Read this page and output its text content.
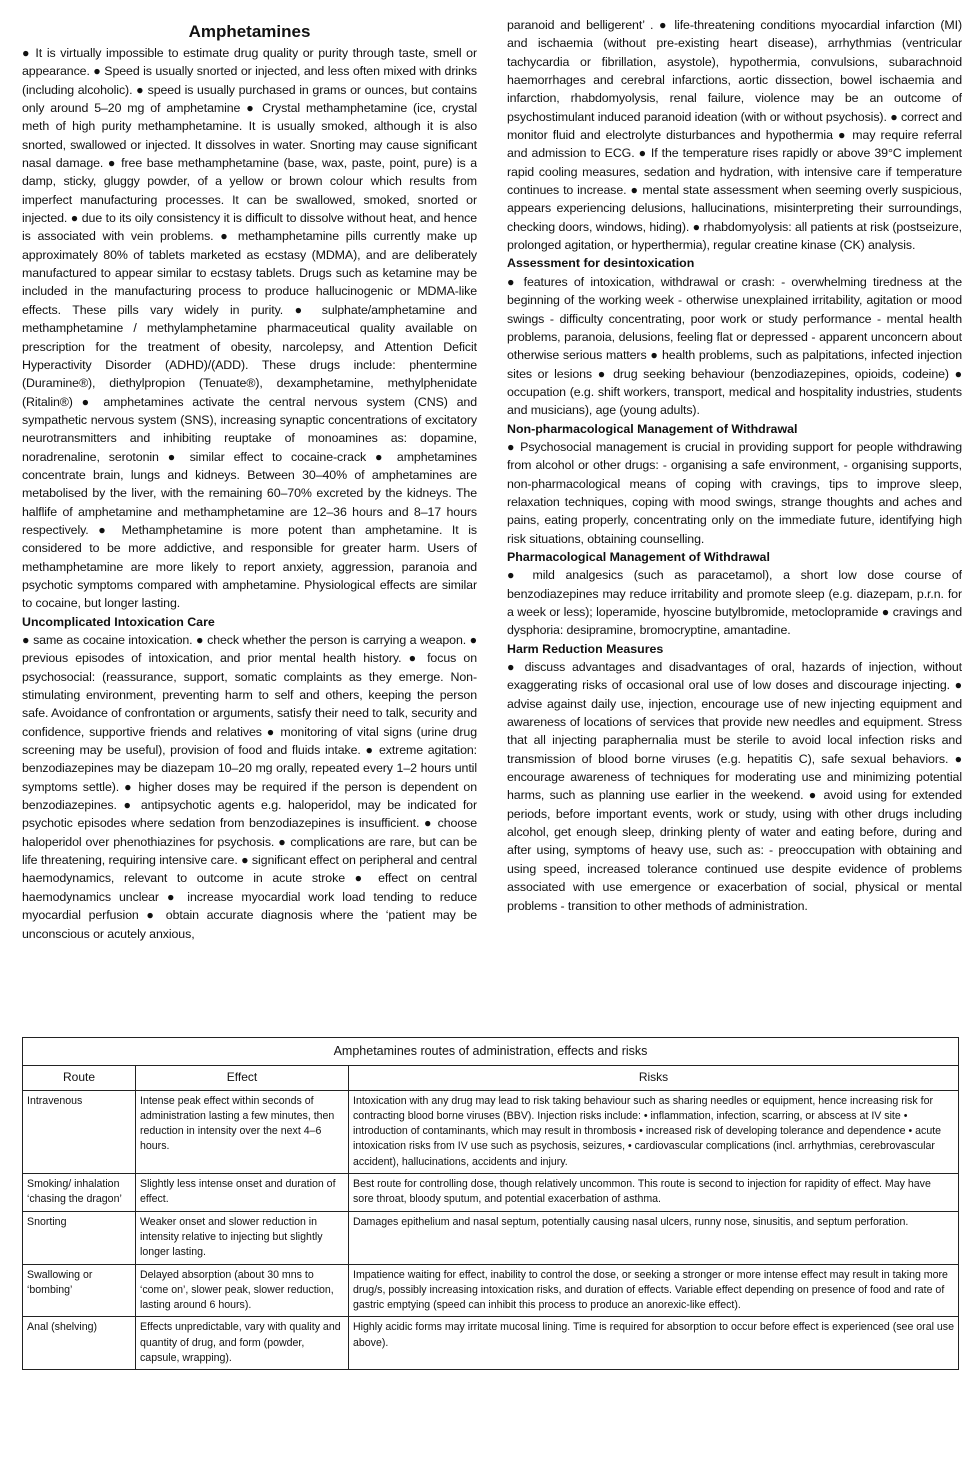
Amphetamines

● It is virtually impossible to estimate drug quality or purity through taste, smell or appearance. ● Speed is usually snorted or injected, and less often mixed with drinks (including alcoholic). ● speed is usually purchased in grams or ounces, but contains only around 5–20 mg of amphetamine ● Crystal methamphetamine (ice, crystal meth of high purity methamphetamine. It is usually smoked, although it is also snorted, swallowed or injected. It dissolves in water. Snorting may cause significant nasal damage. ● free base methamphetamine (base, wax, paste, point, pure) is a damp, sticky, gluggy powder, of a yellow or brown colour which results from imperfect manufacturing processes. It can be swallowed, smoked, snorted or injected. ● due to its oily consistency it is difficult to dissolve without heat, and hence is associated with vein problems. ● methamphetamine pills currently make up approximately 80% of tablets marketed as ecstasy (MDMA), and are deliberately manufactured to appear similar to ecstasy tablets. Drugs such as ketamine may be included in the manufacturing process to produce hallucinogenic or MDMA-like effects. These pills vary widely in purity. ● sulphate/amphetamine and methamphetamine / methylamphetamine pharmaceutical quality available on prescription for the treatment of obesity, narcolepsy, and Attention Deficit Hyperactivity Disorder (ADHD)/(ADD). These drugs include: phentermine (Duramine®), diethylpropion (Tenuate®), dexamphetamine, methylphenidate (Ritalin®) ● amphetamines activate the central nervous system (CNS) and sympathetic nervous system (SNS), increasing synaptic concentrations of excitatory neurotransmitters and inhibiting reuptake of monoamines as: dopamine, noradrenaline, serotonin ● similar effect to cocaine-crack ● amphetamines concentrate brain, lungs and kidneys. Between 30–40% of amphetamines are metabolised by the liver, with the remaining 60–70% excreted by the kidneys. The halflife of amphetamine and methamphetamine are 12–36 hours and 8–17 hours respectively. ● Methamphetamine is more potent than amphetamine. It is considered to be more addictive, and responsible for greater harm. Users of methamphetamine are more likely to report anxiety, aggression, paranoia and psychotic symptoms compared with amphetamine. Physiological effects are similar to cocaine, but longer lasting.

Uncomplicated Intoxication Care

● same as cocaine intoxication. ● check whether the person is carrying a weapon. ● previous episodes of intoxication, and prior mental health history. ● focus on psychosocial: (reassurance, support, somatic complaints as they emerge. Non-stimulating environment, preventing harm to self and others, keeping the person safe. Avoidance of confrontation or arguments, satisfy their need to talk, security and confidence, supportive friends and relatives ● monitoring of vital signs (urine drug screening may be useful), provision of food and fluids intake. ● extreme agitation: benzodiazepines may be diazepam 10–20 mg orally, repeated every 1–2 hours until symptoms settle). ● higher doses may be required if the person is dependent on benzodiazepines. ● antipsychotic agents e.g. haloperidol, may be indicated for psychotic episodes where sedation from benzodiazepines is insufficient. ● choose haloperidol over phenothiazines for psychosis. ● complications are rare, but can be life threatening, requiring intensive care. ● significant effect on peripheral and central haemodynamics, relevant to outcome in acute stroke ● effect on central haemodynamics unclear ● increase myocardial work load tending to reduce myocardial perfusion ● obtain accurate diagnosis where the ‘patient may be unconscious or acutely anxious,

paranoid and belligerent’ . ● life-threatening conditions myocardial infarction (MI) and ischaemia (without pre-existing heart disease), arrhythmias (ventricular tachycardia or fibrillation, asystole), hypothermia, convulsions, subarachnoid haemorrhages and cerebral infarctions, aortic dissection, bowel ischaemia and infarction, rhabdomyolysis, renal failure, violence may be an outcome of psychostimulant induced paranoid ideation (with or without psychosis). ● correct and monitor fluid and electrolyte disturbances and hypothermia ● may require referral and admission to ECG. ● If the temperature rises rapidly or above 39°C implement rapid cooling measures, sedation and hydration, with intensive care if temperature continues to increase. ● mental state assessment when seeming overly suspicious, appears experiencing delusions, hallucinations, misinterpreting their surroundings, checking doors, windows, hiding). ● rhabdomyolysis: all patients at risk (postseizure, prolonged agitation, or hyperthermia), regular creatine kinase (CK) analysis.

Assessment for desintoxication

● features of intoxication, withdrawal or crash: - overwhelming tiredness at the beginning of the working week - otherwise unexplained irritability, agitation or mood swings - difficulty concentrating, poor work or study performance - mental health problems, paranoia, delusions, feeling flat or depressed - apparent unconcern about otherwise serious matters ● health problems, such as palpitations, infected injection sites or lesions ● drug seeking behaviour (benzodiazepines, opioids, codeine) ● occupation (e.g. shift workers, transport, medical and hospitality industries, students and musicians), age (young adults).

Non-pharmacological Management of Withdrawal

● Psychosocial management is crucial in providing support for people withdrawing from alcohol or other drugs: - organising a safe environment, - organising supports, non-pharmacological means of coping with cravings, tips to improve sleep, relaxation techniques, coping with mood swings, strange thoughts and aches and pains, eating properly, concentrating only on the immediate future, identifying high risk situations, obtaining counselling.

Pharmacological Management of Withdrawal

● mild analgesics (such as paracetamol), a short low dose course of benzodiazepines may reduce irritability and promote sleep (e.g. diazepam, p.r.n. for a week or less); loperamide, hyoscine butylbromide, metoclopramide ● cravings and dysphoria: desipramine, bromocryptine, amantadine.

Harm Reduction Measures

● discuss advantages and disadvantages of oral, hazards of injection, without exaggerating risks of occasional oral use of low doses and discourage injecting. ● advise against daily use, injection, encourage use of new injecting equipment and awareness of locations of services that provide new needles and equipment. Stress that all injecting paraphernalia must be sterile to avoid local infection risks and transmission of blood borne viruses (e.g. hepatitis C), safe sexual behaviors. ● encourage awareness of techniques for moderating use and minimizing potential harms, such as planning use earlier in the weekend. ● avoid using for extended periods, before important events, work or study, using with other drugs including alcohol, get enough sleep, drinking plenty of water and eating before, during and after using, symptoms of heavy use, such as: - preoccupation with obtaining and using speed, increased tolerance continued use despite evidence of problems associated with use emergence or exacerbation of social, physical or mental problems - transition to other methods of administration.

Amphetamines routes of administration, effects and risks		
Route	Effect	Risks
Intravenous	Intense peak effect within seconds of administration lasting a few minutes, then reduction in intensity over the next 4–6 hours.	Intoxication with any drug may lead to risk taking behaviour such as sharing needles or equipment, hence increasing risk for contracting blood borne viruses (BBV). Injection risks include: • inflammation, infection, scarring, or abscess at IV site • introduction of contaminants, which may result in thrombosis • increased risk of developing tolerance and dependence • acute intoxication risks from IV use such as psychosis, seizures, • cardiovascular complications (incl. arrhythmias, cerebrovascular accident), hallucinations, accidents and injury.
Smoking/ inhalation ‘chasing the dragon’	Slightly less intense onset and duration of effect.	Best route for controlling dose, though relatively uncommon. This route is second to injection for rapidity of effect. May have sore throat, bloody sputum, and potential exacerbation of asthma.
Snorting	Weaker onset and slower reduction in intensity relative to injecting but slightly longer lasting.	Damages epithelium and nasal septum, potentially causing nasal ulcers, runny nose, sinusitis, and septum perforation.
Swallowing or ‘bombing’	Delayed absorption (about 30 mns to ‘come on’, slower peak, slower reduction, lasting around 6 hours).	Impatience waiting for effect, inability to control the dose, or seeking a stronger or more intense effect may result in taking more drug/s, possibly increasing intoxication risks, and duration of effects. Variable effect depending on presence of food and rate of gastric emptying (speed can inhibit this process to produce an anorexic-like effect).
Anal (shelving)	Effects unpredictable, vary with quality and quantity of drug, and form (powder, capsule, wrapping).	Highly acidic forms may irritate mucosal lining. Time is required for absorption to occur before effect is experienced (see oral use above).
